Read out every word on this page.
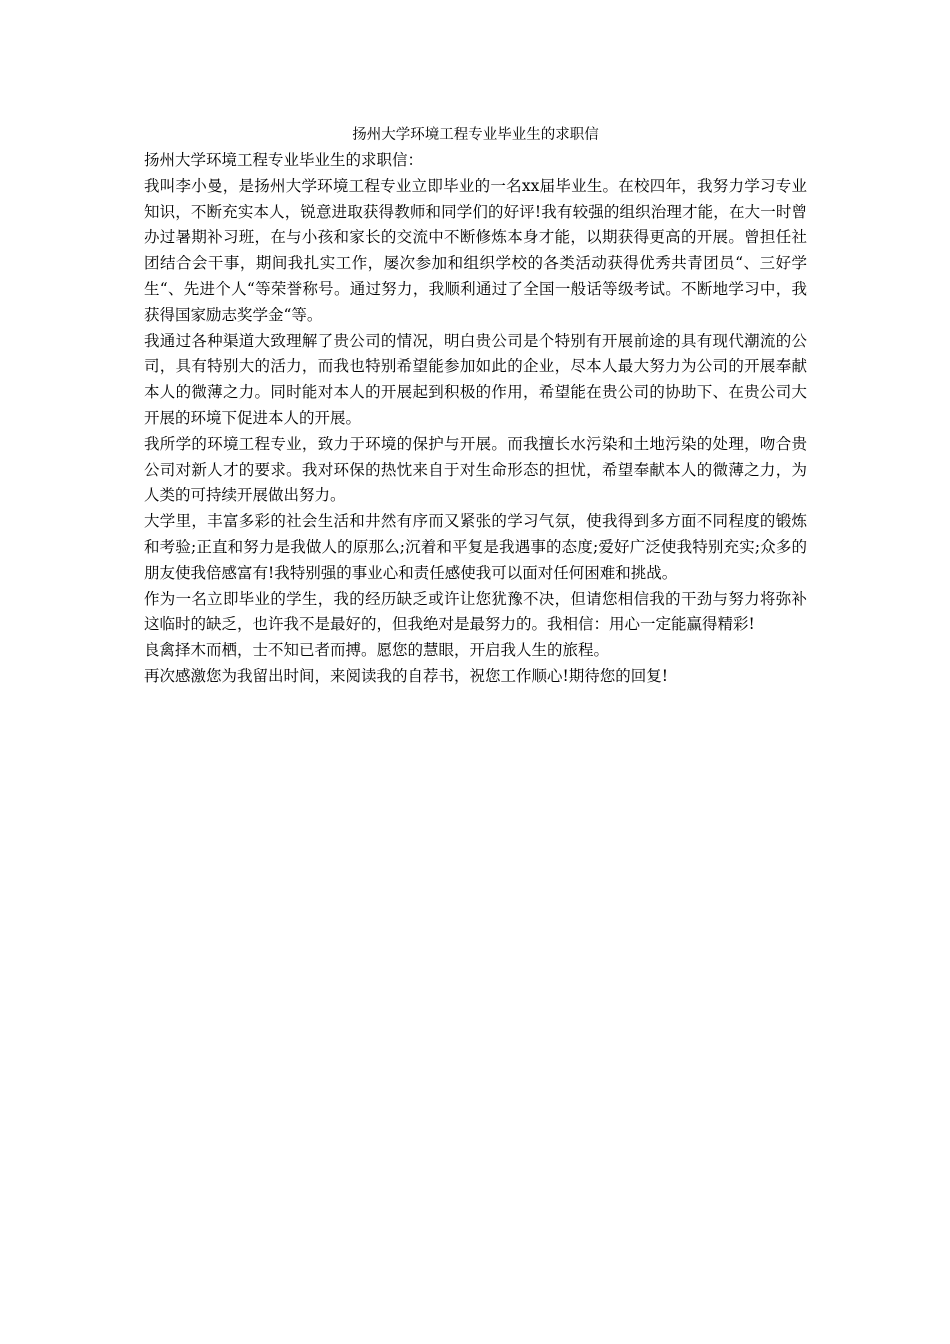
扬州大学环境工程专业毕业生的求职信

扬州大学环境工程专业毕业生的求职信：

我叫李小曼，是扬州大学环境工程专业立即毕业的一名xx届毕业生。在校四年，我努力学习专业知识，不断充实本人，锐意进取获得教师和同学们的好评!我有较强的组织治理才能，在大一时曾办过暑期补习班，在与小孩和家长的交流中不断修炼本身才能，以期获得更高的开展。曾担任社团结合会干事，期间我扎实工作，屡次参加和组织学校的各类活动获得优秀共青团员“、三好学生“、先进个人“等荣誉称号。通过努力，我顺利通过了全国一般话等级考试。不断地学习中，我获得国家励志奖学金“等。

我通过各种渠道大致理解了贵公司的情况，明白贵公司是个特别有开展前途的具有现代潮流的公司，具有特别大的活力，而我也特别希望能参加如此的企业，尽本人最大努力为公司的开展奉献本人的微薄之力。同时能对本人的开展起到积极的作用，希望能在贵公司的协助下、在贵公司大开展的环境下促进本人的开展。

我所学的环境工程专业，致力于环境的保护与开展。而我擅长水污染和土地污染的处理，吻合贵公司对新人才的要求。我对环保的热忱来自于对生命形态的担忧，希望奉献本人的微薄之力，为人类的可持续开展做出努力。

大学里，丰富多彩的社会生活和井然有序而又紧张的学习气氛，使我得到多方面不同程度的锻炼和考验;正直和努力是我做人的原那么;沉着和平复是我遇事的态度;爱好广泛使我特别充实;众多的朋友使我倍感富有!我特别强的事业心和责任感使我可以面对任何困难和挑战。

作为一名立即毕业的学生，我的经历缺乏或许让您犹豫不决，但请您相信我的干劲与努力将弥补这临时的缺乏，也许我不是最好的，但我绝对是最努力的。我相信：用心一定能赢得精彩!

良禽择木而栖，士不知已者而搏。愿您的慧眼，开启我人生的旅程。

再次感激您为我留出时间，来阅读我的自荐书，祝您工作顺心!期待您的回复!
